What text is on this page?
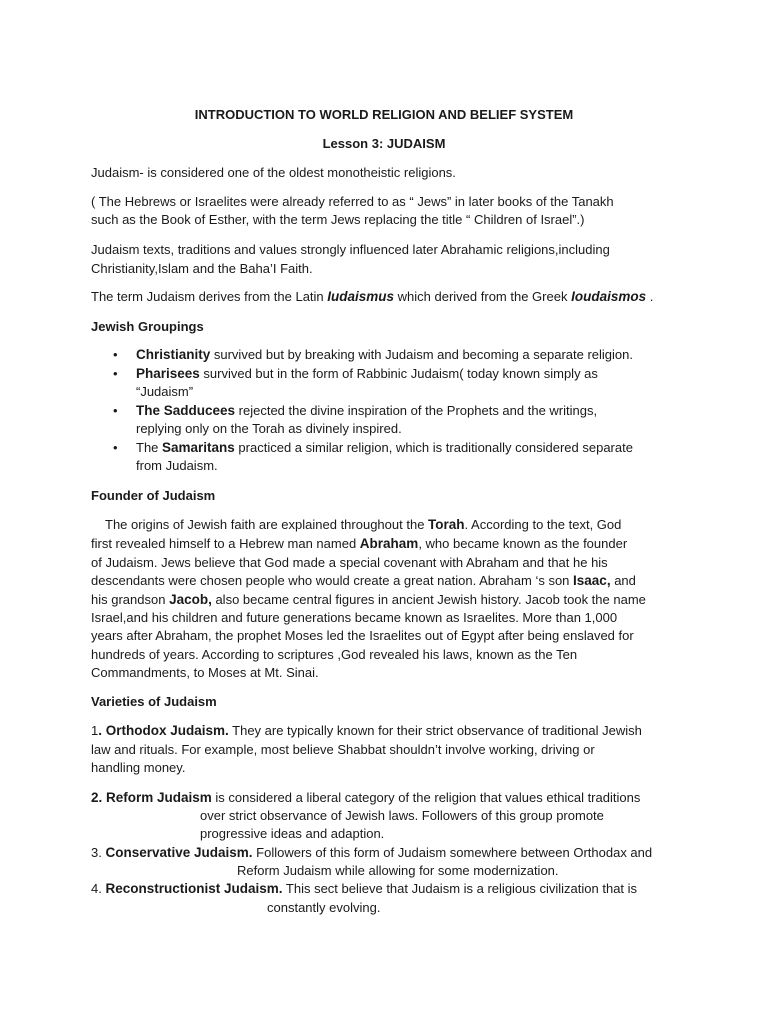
INTRODUCTION TO WORLD RELIGION AND BELIEF SYSTEM
Lesson 3: JUDAISM
Judaism- is considered one of the oldest monotheistic religions.
( The Hebrews or Israelites were already referred to as “ Jews” in later books of the Tanakh
such as the Book of Esther, with the term Jews replacing the title “ Children of Israel”.)
Judaism texts, traditions and values strongly influenced later Abrahamic religions,including
Christianity,Islam and the Baha’I Faith.
The term Judaism derives from the Latin Iudaismus which derived from the Greek Ioudaismos .
Jewish Groupings
• Christianity survived but by breaking with Judaism and becoming a separate religion.
• Pharisees survived but in the form of Rabbinic Judaism( today known simply as
“Judaism”
• The Sadducees rejected the divine inspiration of the Prophets and the writings,
replying only on the Torah as divinely inspired.
• The Samaritans practiced a similar religion, which is traditionally considered separate
from Judaism.
Founder of Judaism
The origins of Jewish faith are explained throughout the Torah. According to the text, God
first revealed himself to a Hebrew man named Abraham, who became known as the founder
of Judaism. Jews believe that God made a special covenant with Abraham and that he his
descendants were chosen people who would create a great nation. Abraham ‘s son Isaac, and
his grandson Jacob, also became central figures in ancient Jewish history. Jacob took the name
Israel,and his children and future generations became known as Israelites. More than 1,000
years after Abraham, the prophet Moses led the Israelites out of Egypt after being enslaved for
hundreds of years. According to scriptures ,God revealed his laws, known as the Ten
Commandments, to Moses at Mt. Sinai.
Varieties of Judaism
1. Orthodox Judaism. They are typically known for their strict observance of traditional Jewish
law and rituals. For example, most believe Shabbat shouldn’t involve working, driving or
handling money.
2. Reform Judaism is considered a liberal category of the religion that values ethical traditions
over strict observance of Jewish laws. Followers of this group promote
progressive ideas and adaption.
3. Conservative Judaism. Followers of this form of Judaism somewhere between Orthodax and
Reform Judaism while allowing for some modernization.
4. Reconstructionist Judaism. This sect believe that Judaism is a religious civilization that is
constantly evolving.
